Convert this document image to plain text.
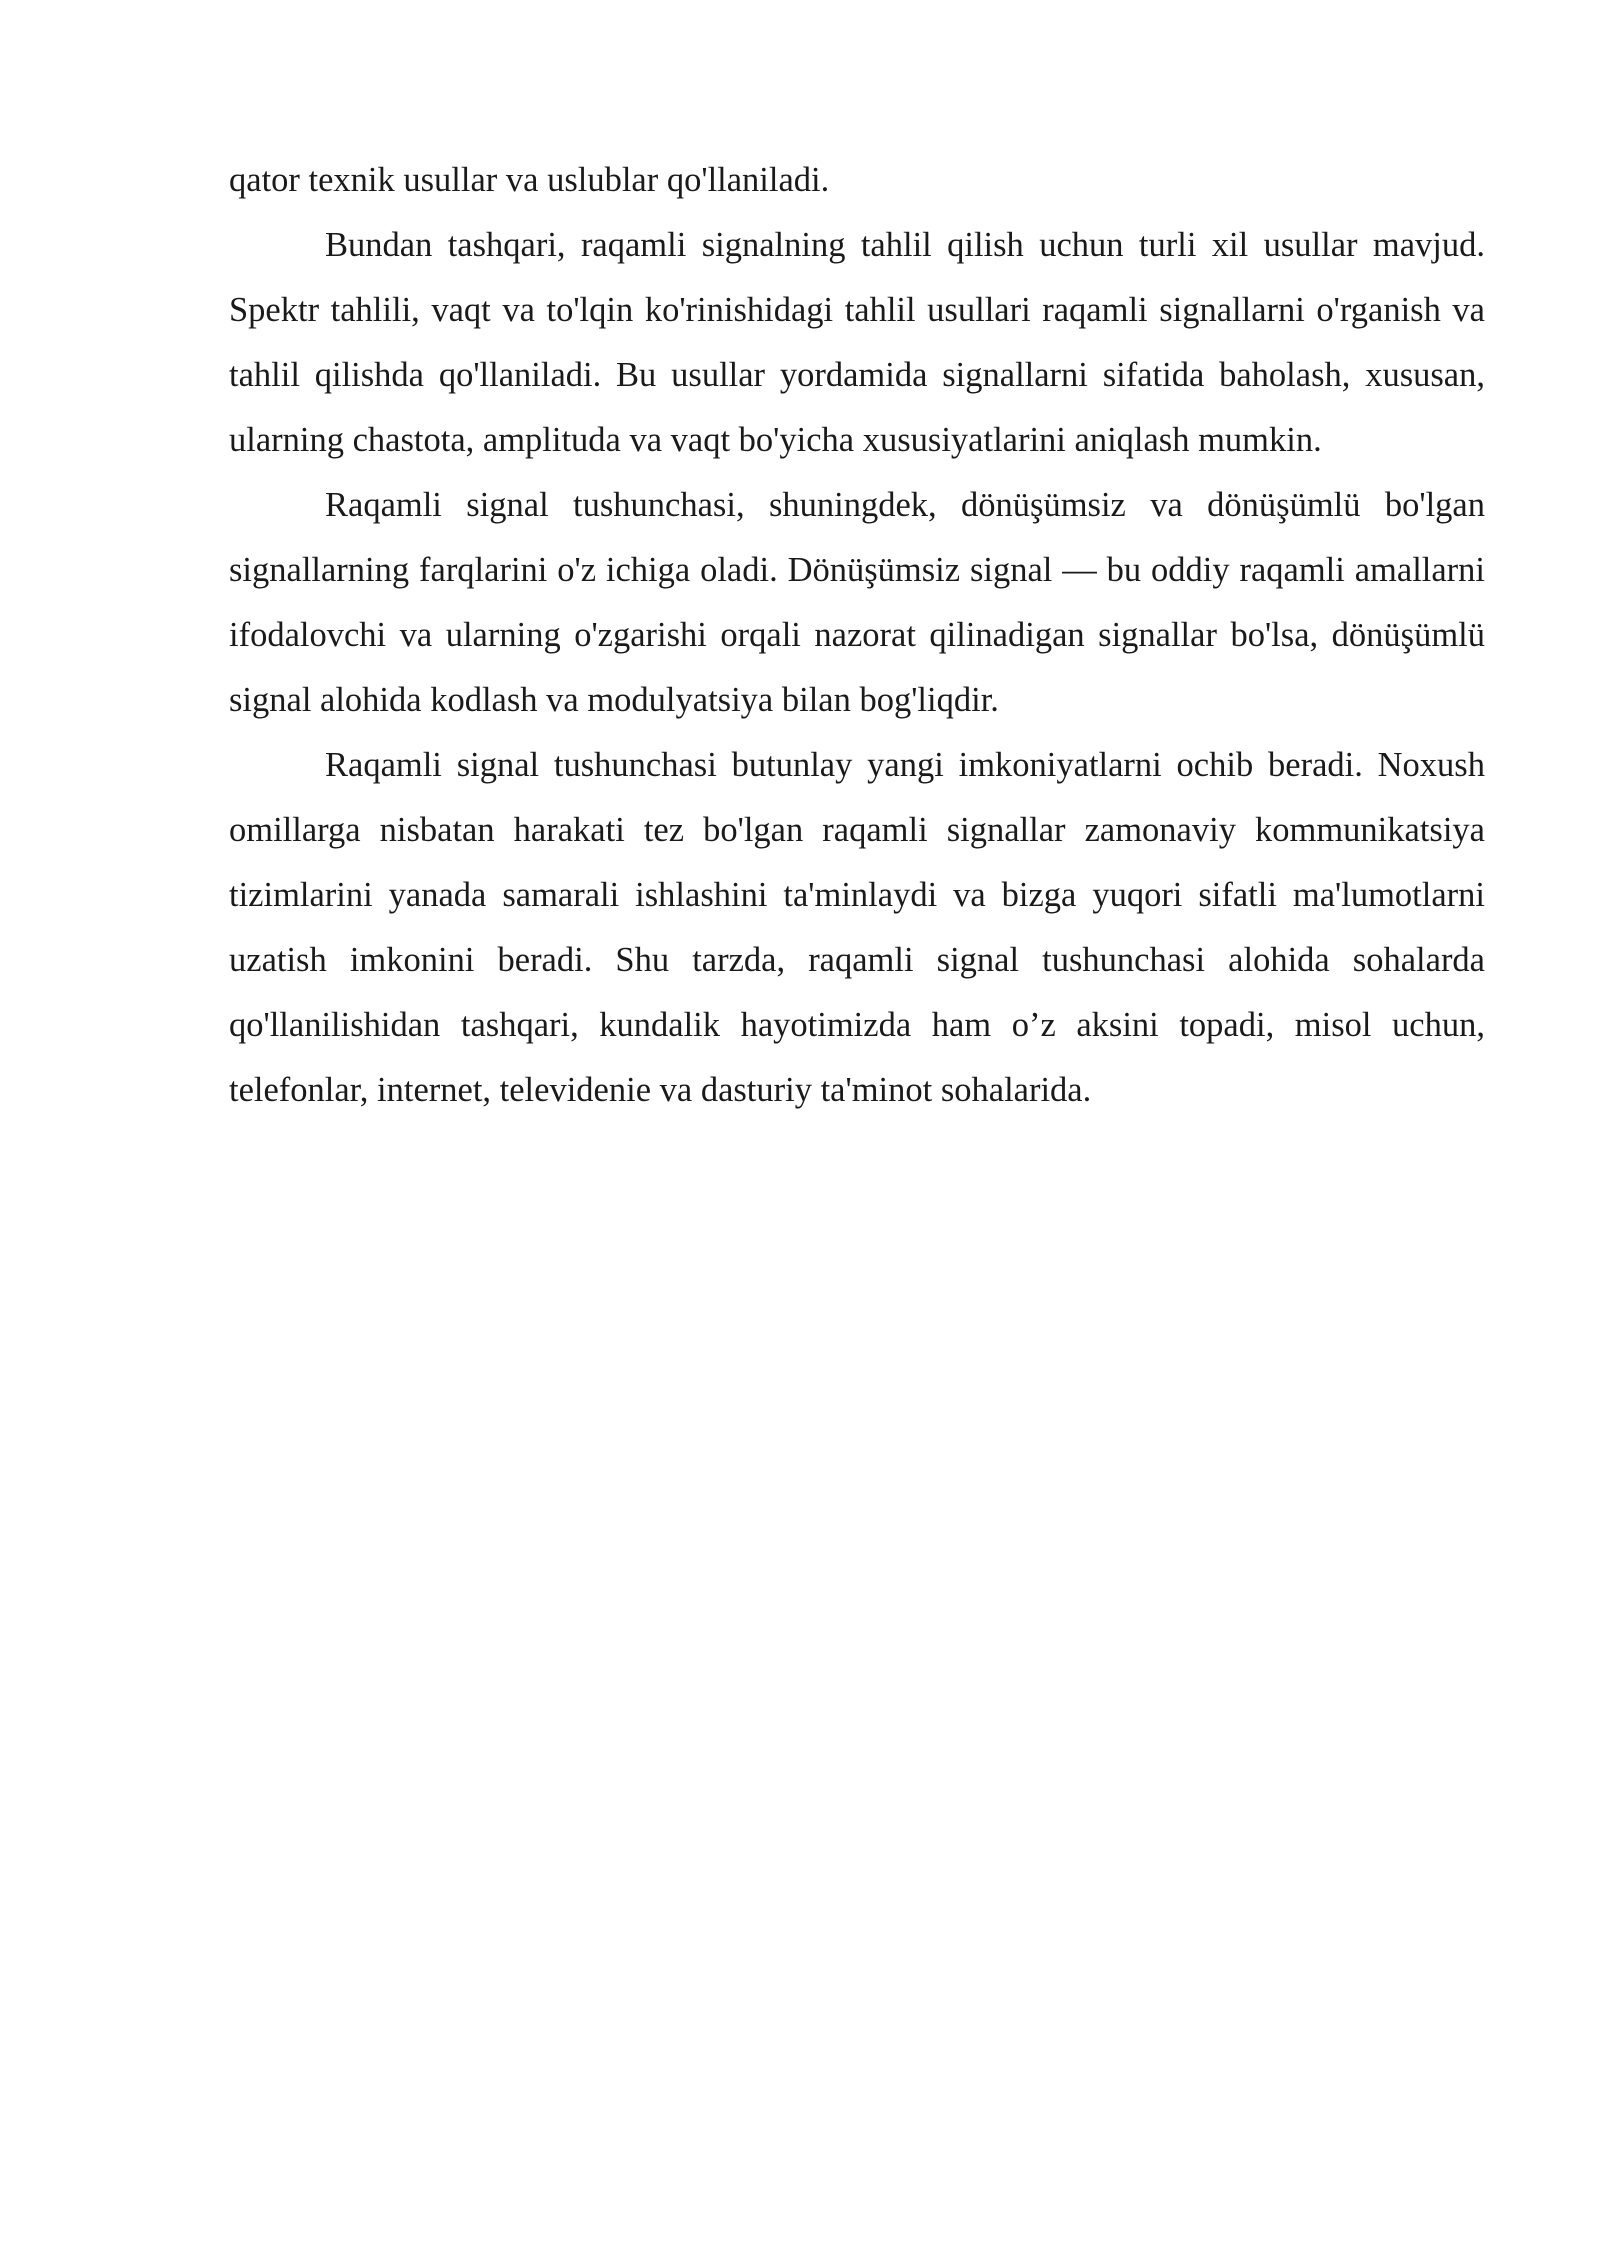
qator texnik usullar va uslublar qo'llaniladi.

Bundan tashqari, raqamli signalning tahlil qilish uchun turli xil usullar mavjud. Spektr tahlili, vaqt va to'lqin ko'rinishidagi tahlil usullari raqamli signallarni o'rganish va tahlil qilishda qo'llaniladi. Bu usullar yordamida signallarni sifatida baholash, xususan, ularning chastota, amplituda va vaqt bo'yicha xususiyatlarini aniqlash mumkin.

Raqamli signal tushunchasi, shuningdek, dönüşümsiz va dönüşümlü bo'lgan signallarning farqlarini o'z ichiga oladi. Dönüşümsiz signal — bu oddiy raqamli amallarni ifodalovchi va ularning o'zgarishi orqali nazorat qilinadigan signallar bo'lsa, dönüşümlü signal alohida kodlash va modulyatsiya bilan bog'liqdir.

Raqamli signal tushunchasi butunlay yangi imkoniyatlarni ochib beradi. Noxush omillarga nisbatan harakati tez bo'lgan raqamli signallar zamonaviy kommunikatsiya tizimlarini yanada samarali ishlashini ta'minlaydi va bizga yuqori sifatli ma'lumotlarni uzatish imkonini beradi. Shu tarzda, raqamli signal tushunchasi alohida sohalarda qo'llanilishidan tashqari, kundalik hayotimizda ham o’z aksini topadi, misol uchun, telefonlar, internet, televidenie va dasturiy ta'minot sohalarida.
